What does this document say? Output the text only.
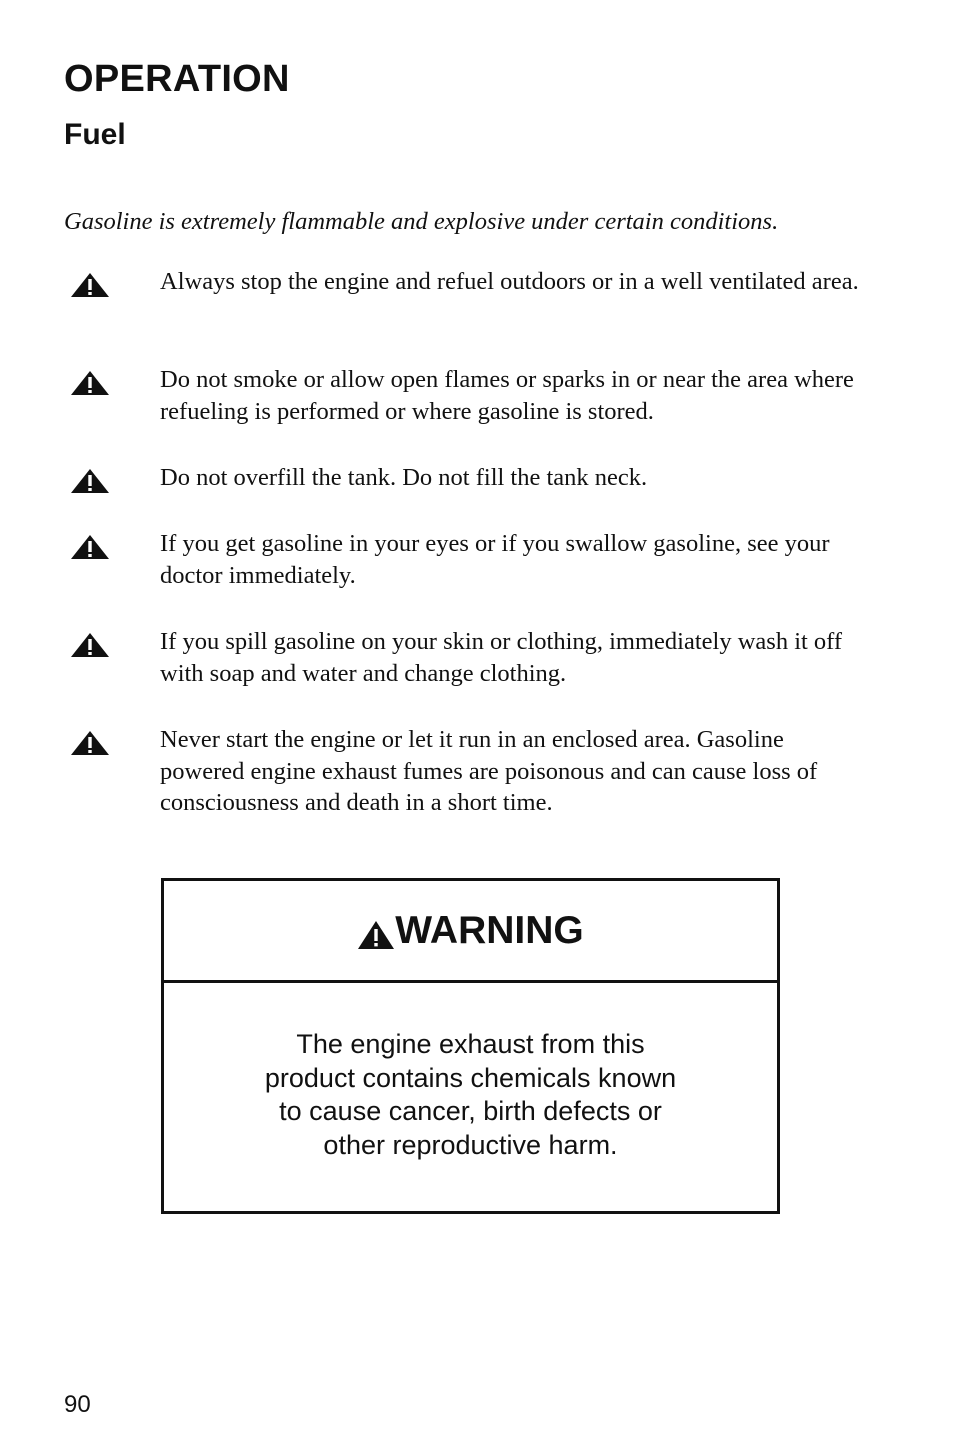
OPERATION
Fuel

Gasoline is extremely flammable and explosive under certain conditions.

Always stop the engine and refuel outdoors or in a well ventilated area.

Do not smoke or allow open flames or sparks in or near the area where refueling is performed or where gasoline is stored.

Do not overfill the tank. Do not fill the tank neck.

If you get gasoline in your eyes or if you swallow gasoline, see your doctor immediately.

If you spill gasoline on your skin or clothing, immediately wash it off with soap and water and change clothing.

Never start the engine or let it run in an enclosed area. Gasoline powered engine exhaust fumes are poisonous and can cause loss of consciousness and death in a short time.

WARNING
The engine exhaust from this
product contains chemicals known
to cause cancer, birth defects or
other reproductive harm.

90
